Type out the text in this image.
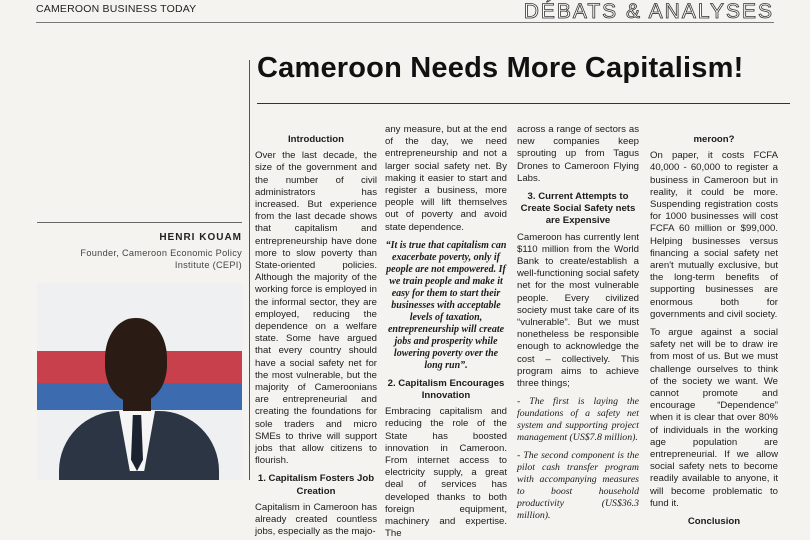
CAMEROON BUSINESS TODAY	DÉBATS & ANALYSES
Cameroon Needs More Capitalism!
HENRI KOUAM
Founder, Cameroon Economic Policy Institute (CEPI)
Introduction

Over the last decade, the size of the government and the number of civil administrators has increased. But experience from the last decade shows that capitalism and entrepreneurship have done more to slow poverty than State-oriented policies. Although the majority of the working force is employed in the informal sector, they are employed, reducing the dependence on a welfare state. Some have argued that every country should have a social safety net for the most vulnerable, but the majority of Cameroonians are entrepreneurial and creating the foundations for sole traders and micro SMEs to thrive will support jobs that allow citizens to flourish.

1. Capitalism Fosters Job Creation

Capitalism in Cameroon has already created countless jobs, especially as the majo-

any measure, but at the end of the day, we need entrepreneurship and not a larger social safety net. By making it easier to start and register a business, more people will lift themselves out of poverty and avoid state dependence.

“It is true that capitalism can exacerbate poverty, only if people are not empowered. If we train people and make it easy for them to start their businesses with acceptable levels of taxation, entrepreneurship will create jobs and prosperity while lowering poverty over the long run”.
2. Capitalism Encourages Innovation

Embracing capitalism and reducing the role of the State has boosted innovation in Cameroon. From internet access to electricity supply, a great deal of services has developed thanks to both foreign equipment, machinery and expertise. The

across a range of sectors as new companies keep sprouting up from Tagus Drones to Cameroon Flying Labs.

3. Current Attempts to Create Social Safety nets are Expensive

Cameroon has currently lent $110 million from the World Bank to create/establish a well-functioning social safety net for the most vulnerable people. Every civilized society must take care of its “vulnerable”. But we must nonetheless be responsible enough to acknowledge the cost – collectively. This program aims to achieve three things;

- The first is laying the foundations of a safety net system and supporting project management (US$7.8 million).

- The second component is the pilot cash transfer program with accompanying measures to boost household productivity (US$36.3 million).

meroon?

On paper, it costs FCFA 40,000 - 60,000 to register a business in Cameroon but in reality, it could be more. Suspending registration costs for 1000 businesses will cost FCFA 60 million or $99,000. Helping businesses versus financing a social safety net aren't mutually exclusive, but the long-term benefits of supporting businesses are enormous both for governments and civil society.

To argue against a social safety net will be to draw ire from most of us. But we must challenge ourselves to think of the society we want. We cannot promote and encourage “Dependence” when it is clear that over 80% of individuals in the working age population are entrepreneurial. If we allow social safety nets to become readily available to anyone, it will become problematic to fund it.

Conclusion
